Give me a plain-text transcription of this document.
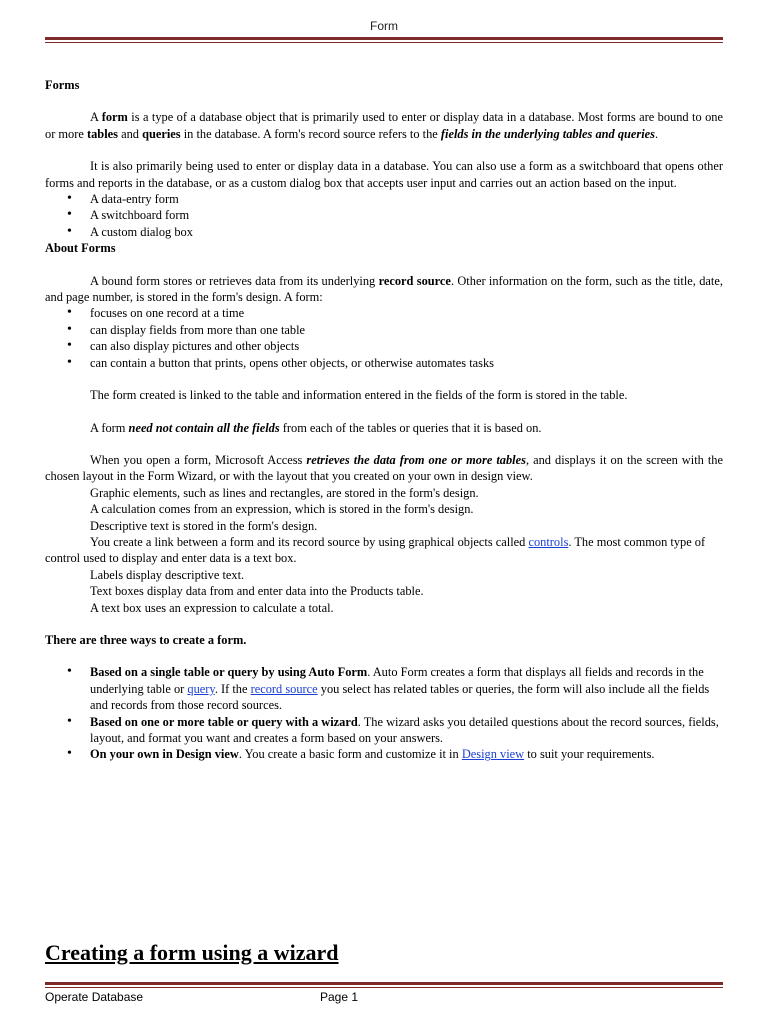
Form

Forms

A form is a type of a database object that is primarily used to enter or display data in a database. Most forms are bound to one or more tables and queries in the database. A form's record source refers to the fields in the underlying tables and queries.

It is also primarily being used to enter or display data in a database. You can also use a form as a switchboard that opens other forms and reports in the database, or as a custom dialog box that accepts user input and carries out an action based on the input.

• A data-entry form
• A switchboard form
• A custom dialog box

About Forms

A bound form stores or retrieves data from its underlying record source. Other information on the form, such as the title, date, and page number, is stored in the form's design. A form:

• focuses on one record at a time
• can display fields from more than one table
• can also display pictures and other objects
• can contain a button that prints, opens other objects, or otherwise automates tasks

The form created is linked to the table and information entered in the fields of the form is stored in the table.

A form need not contain all the fields from each of the tables or queries that it is based on.

When you open a form, Microsoft Access retrieves the data from one or more tables, and displays it on the screen with the chosen layout in the Form Wizard, or with the layout that you created on your own in design view.

Graphic elements, such as lines and rectangles, are stored in the form's design.

A calculation comes from an expression, which is stored in the form's design.

Descriptive text is stored in the form's design.

You create a link between a form and its record source by using graphical objects called controls. The most common type of control used to display and enter data is a text box.

Labels display descriptive text.

Text boxes display data from and enter data into the Products table.

A text box uses an expression to calculate a total.

There are three ways to create a form.

• Based on a single table or query by using Auto Form. Auto Form creates a form that displays all fields and records in the underlying table or query. If the record source you select has related tables or queries, the form will also include all the fields and records from those record sources.
• Based on one or more table or query with a wizard. The wizard asks you detailed questions about the record sources, fields, layout, and format you want and creates a form based on your answers.
• On your own in Design view. You create a basic form and customize it in Design view to suit your requirements.
Creating a form using a wizard
Operate Database	Page 1
